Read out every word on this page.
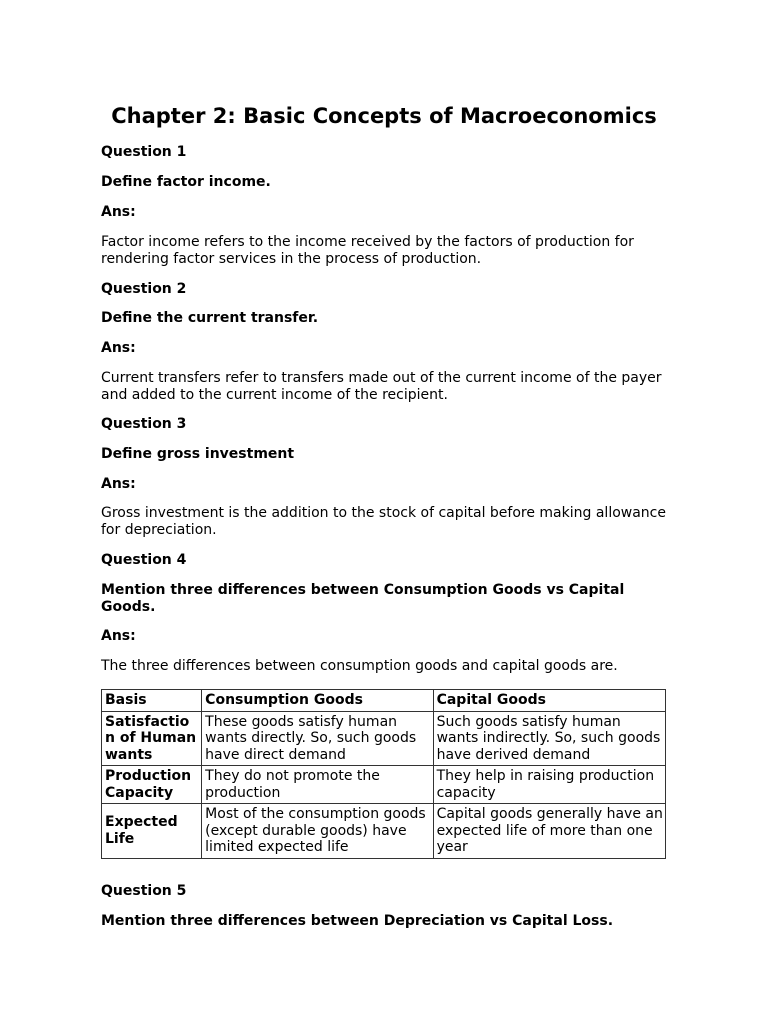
Chapter 2: Basic Concepts of Macroeconomics
Question 1
Define factor income.
Ans:
Factor income refers to the income received by the factors of production for rendering factor services in the process of production.
Question 2
Define the current transfer.
Ans:
Current transfers refer to transfers made out of the current income of the payer and added to the current income of the recipient.
Question 3
Define gross investment
Ans:
Gross investment is the addition to the stock of capital before making allowance for depreciation.
Question 4
Mention three differences between Consumption Goods vs Capital Goods.
Ans:
The three differences between consumption goods and capital goods are.
Basis	Consumption Goods	Capital Goods
Satisfaction of Human wants	These goods satisfy human wants directly. So, such goods have direct demand	Such goods satisfy human wants indirectly. So, such goods have derived demand
Production Capacity	They do not promote the production	They help in raising production capacity
Expected Life	Most of the consumption goods (except durable goods) have limited expected life	Capital goods generally have an expected life of more than one year
Question 5
Mention three differences between Depreciation vs Capital Loss.
